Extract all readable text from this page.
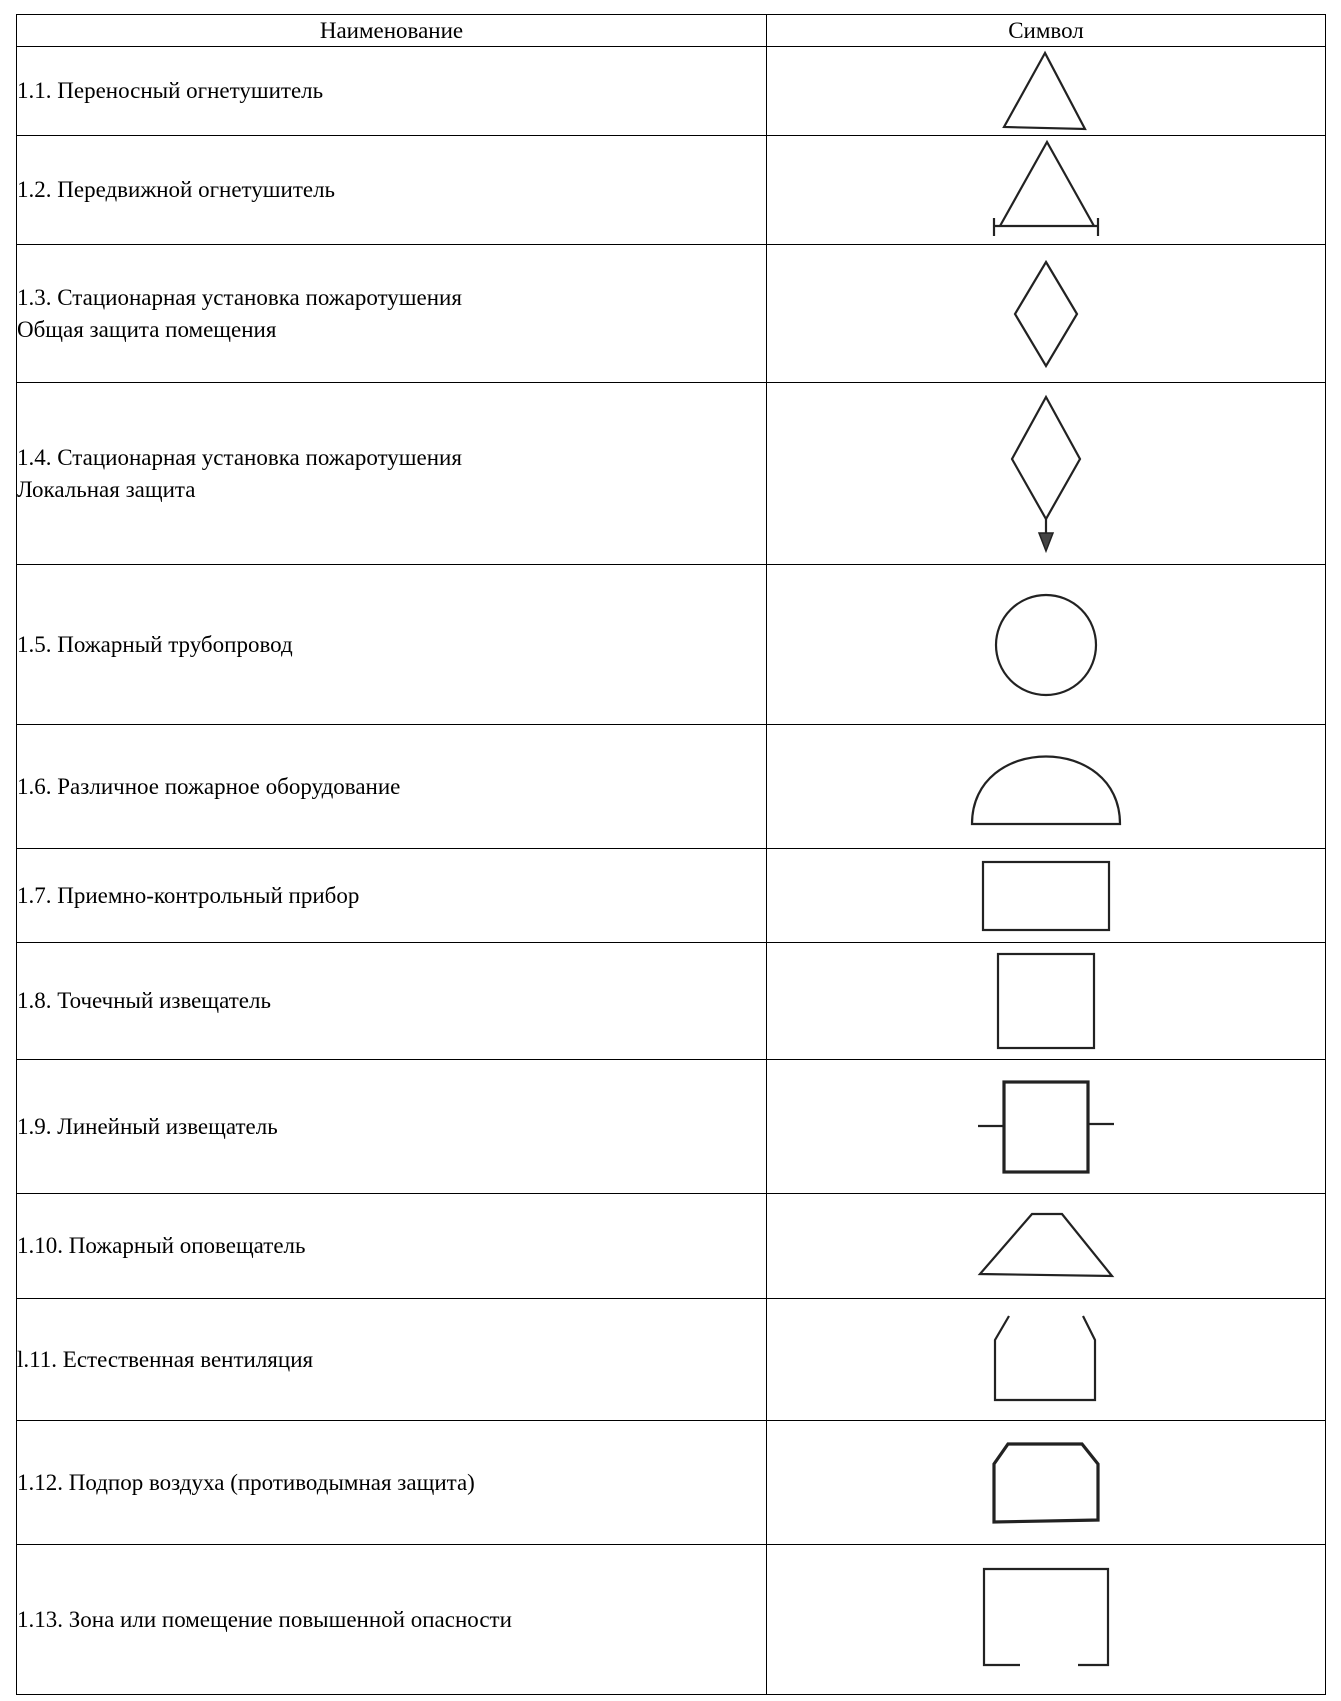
Наименование	Символ

1.1. Переносный огнетушитель

1.2. Передвижной огнетушитель

1.3. Стационарная установка пожаротушения
Общая защита помещения

1.4. Стационарная установка пожаротушения
Локальная защита

1.5. Пожарный трубопровод

1.6. Различное пожарное оборудование

1.7. Приемно-контрольный прибор

1.8. Точечный извещатель

1.9. Линейный извещатель

1.10. Пожарный оповещатель

l.11. Естественная вентиляция

1.12. Подпор воздуха (противодымная защита)

1.13. Зона или помещение повышенной опасности
